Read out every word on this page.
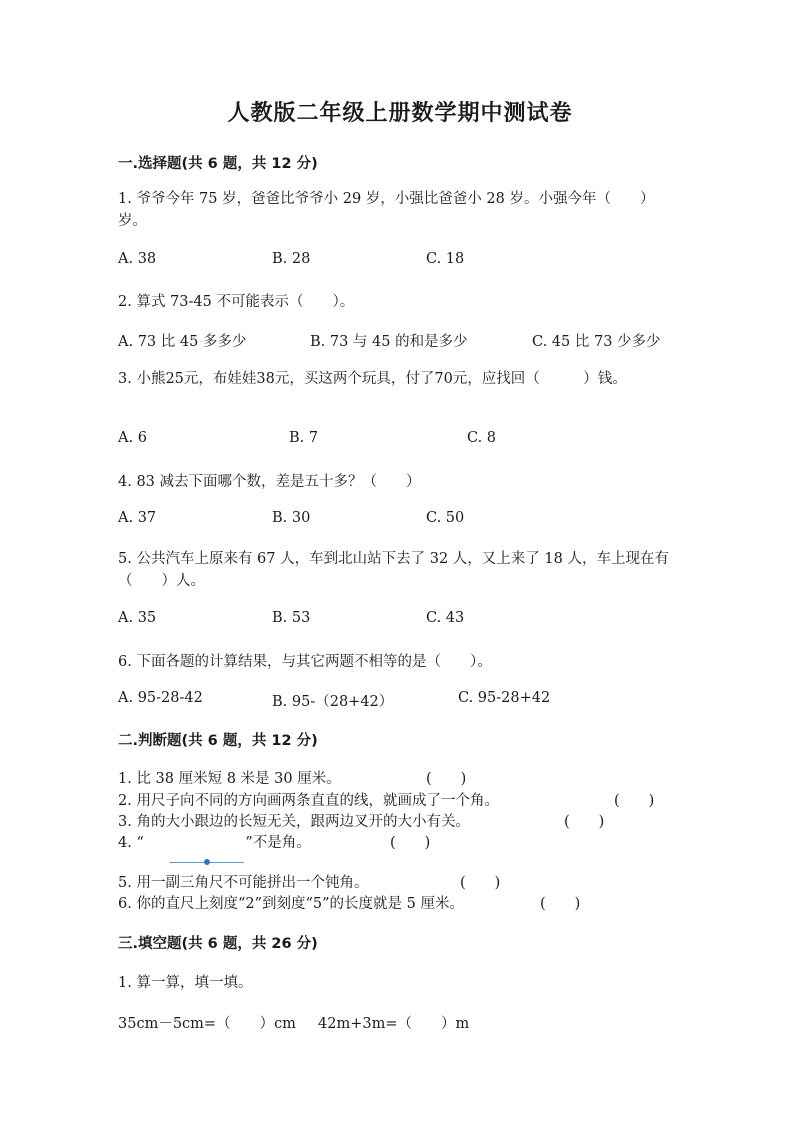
人教版二年级上册数学期中测试卷
一.选择题(共 6 题，共 12 分)
1. 爷爷今年 75 岁，爸爸比爷爷小 29 岁，小强比爸爸小 28 岁。小强今年（　　）岁。
A. 38	B. 28	C. 18
2. 算式 73-45 不可能表示（　　）。
A. 73 比 45 多多少	B. 73 与 45 的和是多少	C. 45 比 73 少多少
3. 小熊25元，布娃娃38元，买这两个玩具，付了70元，应找回（　　　）钱。
A. 6	B. 7	C. 8
4. 83 减去下面哪个数，差是五十多？（　　）
A. 37	B. 30	C. 50
5. 公共汽车上原来有 67 人，车到北山站下去了 32 人，又上来了 18 人，车上现在有（　　）人。
A. 35	B. 53	C. 43
6. 下面各题的计算结果，与其它两题不相等的是（　　）。
A. 95-28-42	B. 95-（28+42）	C. 95-28+42
二.判断题(共 6 题，共 12 分)
1. 比 38 厘米短 8 米是 30 厘米。	(　　)
2. 用尺子向不同的方向画两条直直的线，就画成了一个角。	(　　)
3. 角的大小跟边的长短无关，跟两边叉开的大小有关。	(　　)
4. “　　　　　　　”不是角。	(　　)
5. 用一副三角尺不可能拼出一个钝角。	(　　)
6. 你的直尺上刻度“2”到刻度“5”的长度就是 5 厘米。	(　　)
三.填空题(共 6 题，共 26 分)
1. 算一算，填一填。
35cm－5cm=（　　）cm 42m+3m=（　　）m
